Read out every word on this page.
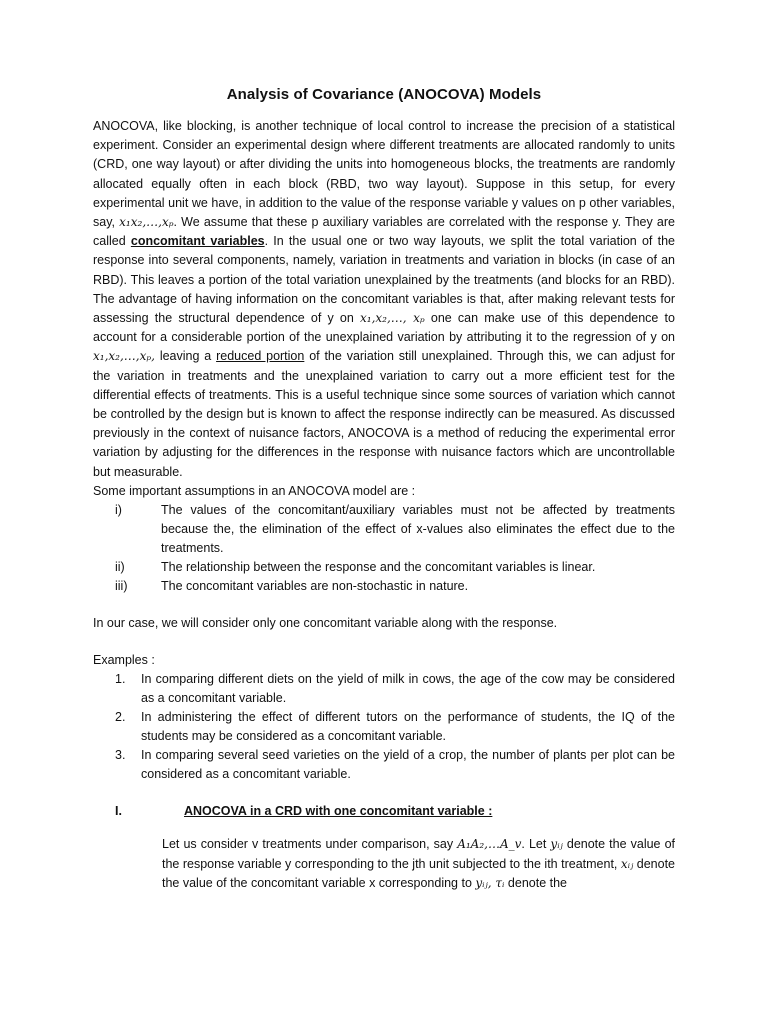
Analysis of Covariance (ANOCOVA) Models

ANOCOVA, like blocking, is another technique of local control to increase the precision of a statistical experiment. Consider an experimental design where different treatments are allocated randomly to units (CRD, one way layout) or after dividing the units into homogeneous blocks, the treatments are randomly allocated equally often in each block (RBD, two way layout). Suppose in this setup, for every experimental unit we have, in addition to the value of the response variable y values on p other variables, say, x₁x₂,…,xₚ. We assume that these p auxiliary variables are correlated with the response y. They are called concomitant variables. In the usual one or two way layouts, we split the total variation of the response into several components, namely, variation in treatments and variation in blocks (in case of an RBD). This leaves a portion of the total variation unexplained by the treatments (and blocks for an RBD). The advantage of having information on the concomitant variables is that, after making relevant tests for assessing the structural dependence of y on x₁,x₂,…, xₚ one can make use of this dependence to account for a considerable portion of the unexplained variation by attributing it to the regression of y on x₁,x₂,…,xₚ, leaving a reduced portion of the variation still unexplained. Through this, we can adjust for the variation in treatments and the unexplained variation to carry out a more efficient test for the differential effects of treatments. This is a useful technique since some sources of variation which cannot be controlled by the design but is known to affect the response indirectly can be measured. As discussed previously in the context of nuisance factors, ANOCOVA is a method of reducing the experimental error variation by adjusting for the differences in the response with nuisance factors which are uncontrollable but measurable.

Some important assumptions in an ANOCOVA model are :

i)	The values of the concomitant/auxiliary variables must not be affected by treatments because the, the elimination of the effect of x-values also eliminates the effect due to the treatments.
ii)	The relationship between the response and the concomitant variables is linear.
iii)	The concomitant variables are non-stochastic in nature.

In our case, we will consider only one concomitant variable along with the response.

Examples :

1.	In comparing different diets on the yield of milk in cows, the age of the cow may be considered as a concomitant variable.
2.	In administering the effect of different tutors on the performance of students, the IQ of the students may be considered as a concomitant variable.
3.	In comparing several seed varieties on the yield of a crop, the number of plants per plot can be considered as a concomitant variable.
I.	ANOCOVA in a CRD with one concomitant variable :

Let us consider v treatments under comparison, say A₁A₂,…A_v. Let yᵢⱼ denote the value of the response variable y corresponding to the jth unit subjected to the ith treatment, xᵢⱼ denote the value of the concomitant variable x corresponding to yᵢⱼ, τᵢ denote the
